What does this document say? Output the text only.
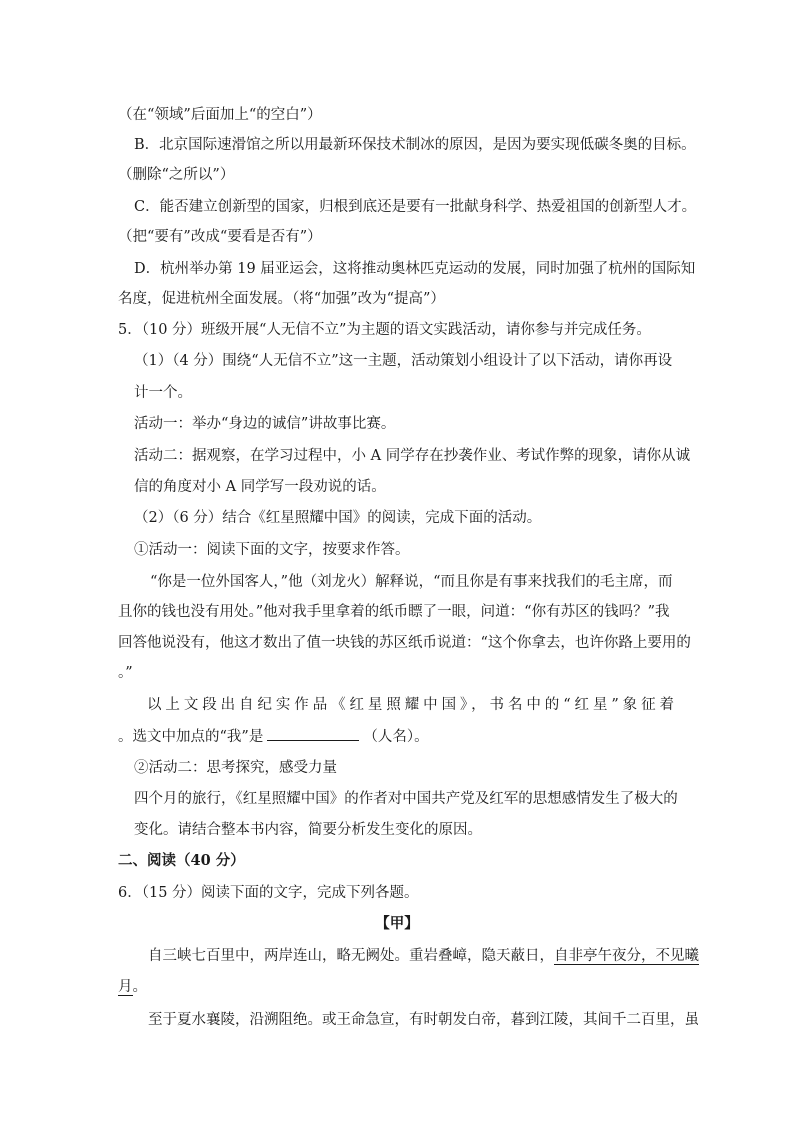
（在“领域”后面加上“的空白”）
B．北京国际速滑馆之所以用最新环保技术制冰的原因，是因为要实现低碳冬奥的目标。
（删除“之所以”）
C．能否建立创新型的国家，归根到底还是要有一批献身科学、热爱祖国的创新型人才。
（把“要有”改成“要看是否有”）
D．杭州举办第 19 届亚运会，这将推动奥林匹克运动的发展，同时加强了杭州的国际知
名度，促进杭州全面发展。（将“加强”改为“提高”）
5．（10 分）班级开展“人无信不立”为主题的语文实践活动，请你参与并完成任务。
（1）（4 分）围绕“人无信不立”这一主题，活动策划小组设计了以下活动，请你再设
计一个。
活动一：举办“身边的诚信”讲故事比赛。
活动二：据观察，在学习过程中，小 A 同学存在抄袭作业、考试作弊的现象，请你从诚
信的角度对小 A 同学写一段劝说的话。
（2）（6 分）结合《红星照耀中国》的阅读，完成下面的活动。
①活动一：阅读下面的文字，按要求作答。
“你是一位外国客人，”他（刘龙火）解释说，“而且你是有事来找我们的毛主席，而
且你的钱也没有用处。”他对我手里拿着的纸币瞟了一眼，问道：“你有苏区的钱吗？”我
回答他说没有，他这才数出了值一块钱的苏区纸币说道：“这个你拿去，也许你路上要用的
。”
以上文段出自纪实作品《红星照耀中国》，书名中的“红星”象征着
。选文中加点的“我”是	（人名）。
②活动二：思考探究，感受力量
四个月的旅行，《红星照耀中国》的作者对中国共产党及红军的思想感情发生了极大的
变化。请结合整本书内容，简要分析发生变化的原因。
二、阅读（40 分）
6．（15 分）阅读下面的文字，完成下列各题。
【甲】
自三峡七百里中，两岸连山，略无阙处。重岩叠嶂，隐天蔽日，自非亭午夜分，不见曦
月。
至于夏水襄陵，沿溯阻绝。或王命急宣，有时朝发白帝，暮到江陵，其间千二百里，虽
